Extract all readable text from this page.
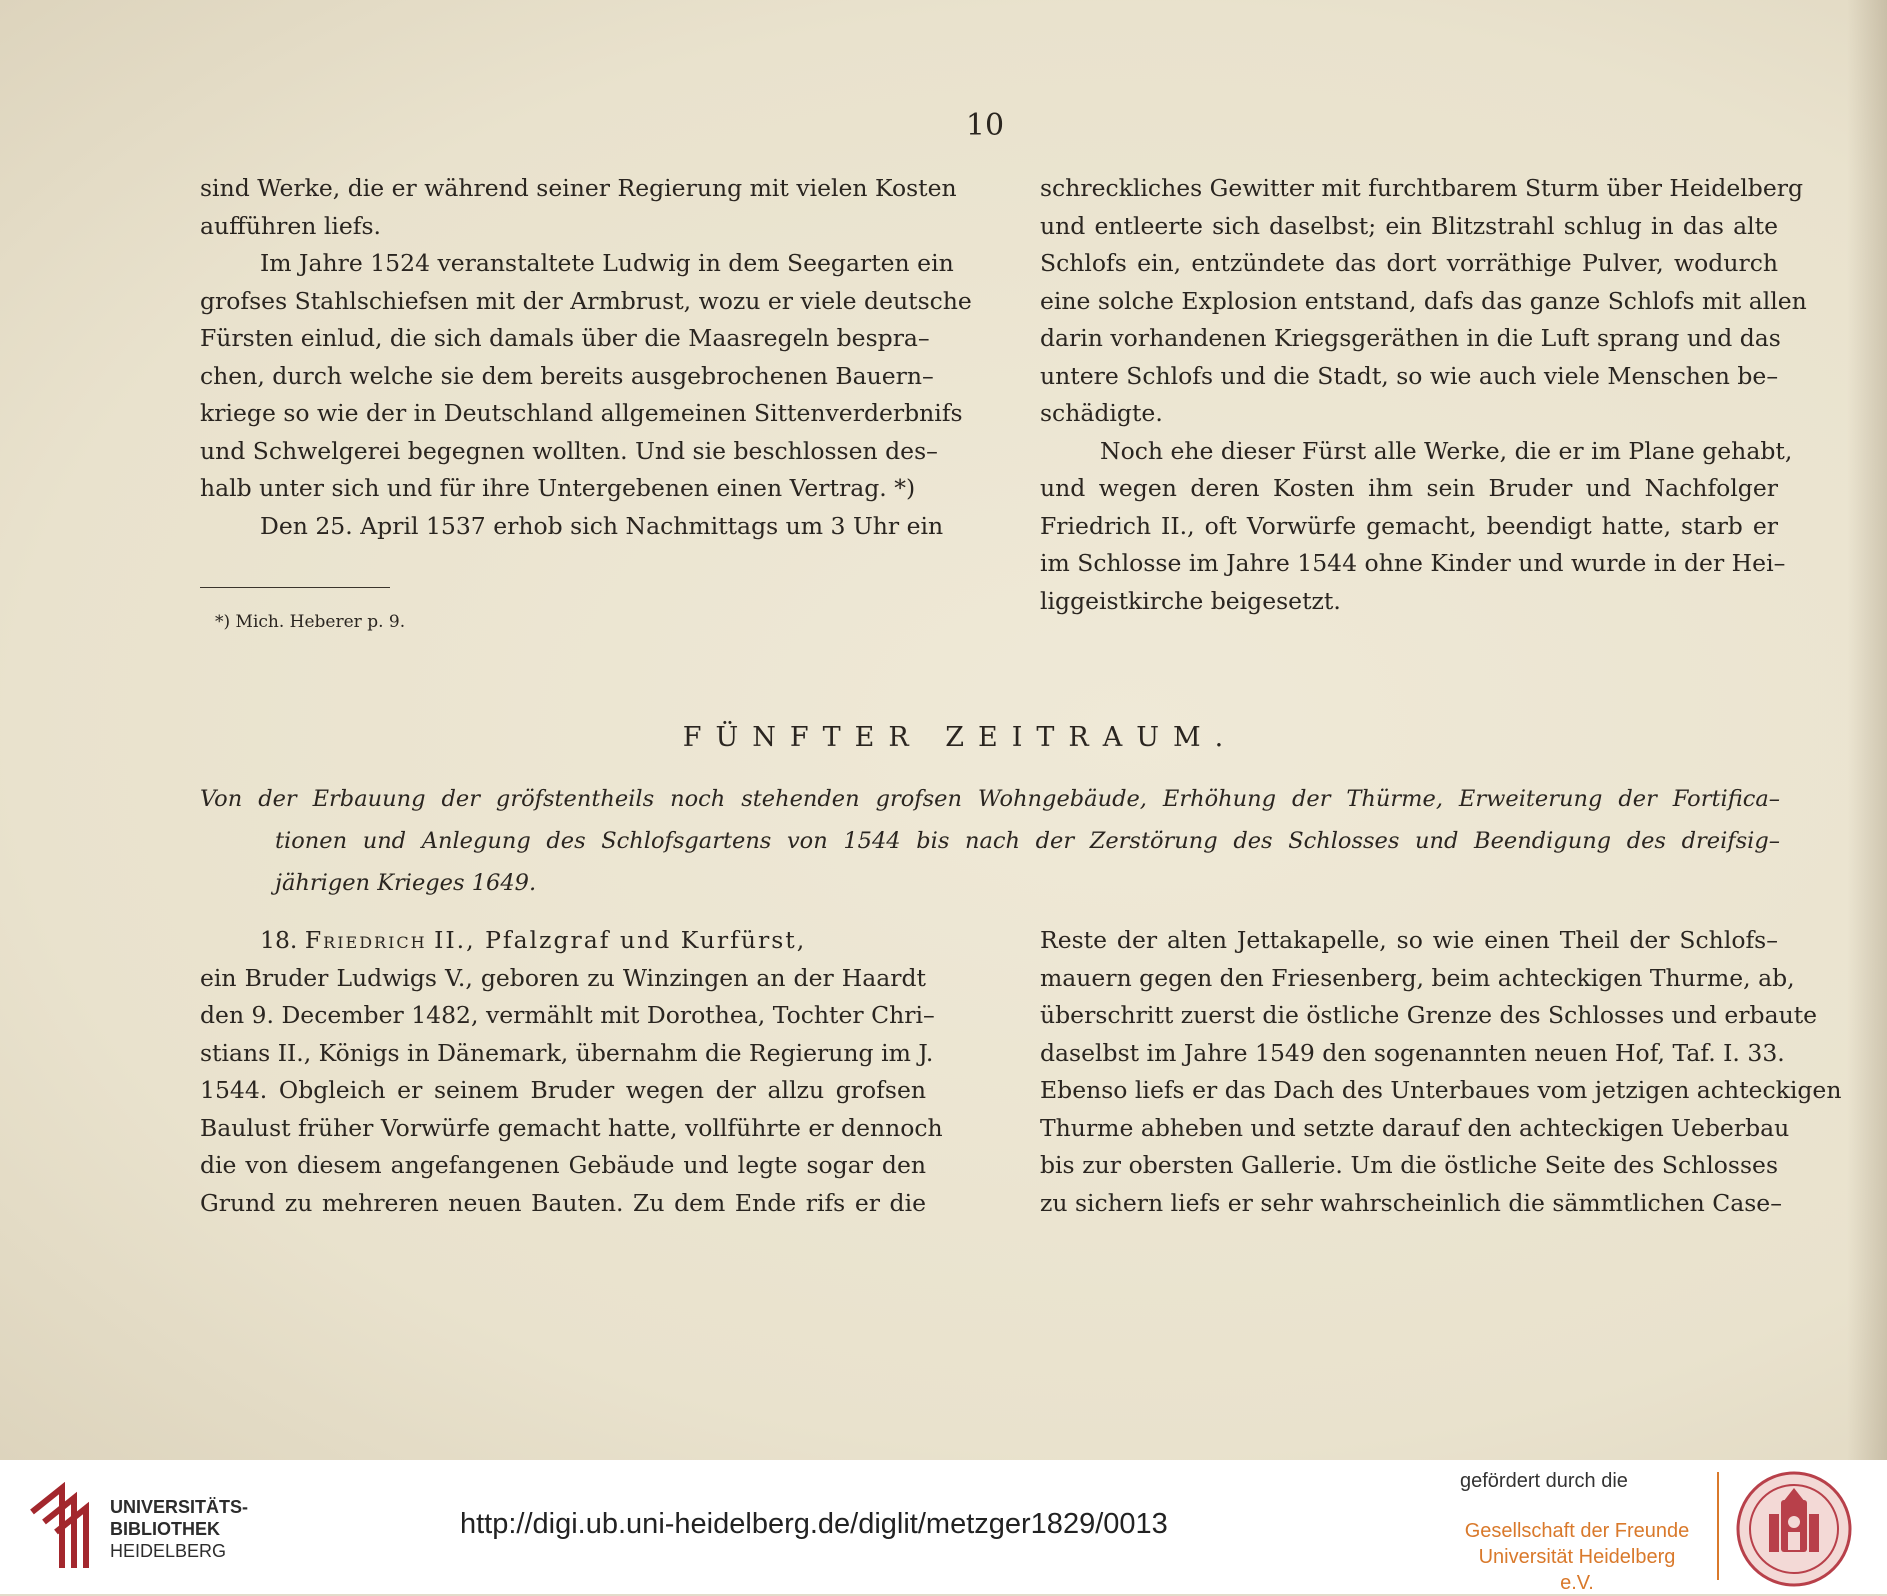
10
sind Werke, die er während seiner Regierung mit vielen Kosten
aufführen liefs.
Im Jahre 1524 veranstaltete Ludwig in dem Seegarten ein
grofses Stahlschiefsen mit der Armbrust, wozu er viele deutsche
Fürsten einlud, die sich damals über die Maasregeln bespra–
chen, durch welche sie dem bereits ausgebrochenen Bauern–
kriege so wie der in Deutschland allgemeinen Sittenverderbnifs
und Schwelgerei begegnen wollten. Und sie beschlossen des–
halb unter sich und für ihre Untergebenen einen Vertrag. *)
Den 25. April 1537 erhob sich Nachmittags um 3 Uhr ein
schreckliches Gewitter mit furchtbarem Sturm über Heidelberg
und entleerte sich daselbst; ein Blitzstrahl schlug in das alte
Schlofs ein, entzündete das dort vorräthige Pulver, wodurch
eine solche Explosion entstand, dafs das ganze Schlofs mit allen
darin vorhandenen Kriegsgeräthen in die Luft sprang und das
untere Schlofs und die Stadt, so wie auch viele Menschen be–
schädigte.
Noch ehe dieser Fürst alle Werke, die er im Plane gehabt,
und wegen deren Kosten ihm sein Bruder und Nachfolger
Friedrich II., oft Vorwürfe gemacht, beendigt hatte, starb er
im Schlosse im Jahre 1544 ohne Kinder und wurde in der Hei–
liggeistkirche beigesetzt.
*) Mich. Heberer p. 9.
FÜNFTER ZEITRAUM.
Von der Erbauung der gröfstentheils noch stehenden grofsen Wohngebäude, Erhöhung der Thürme, Erweiterung der Fortifica–
tionen und Anlegung des Schlofsgartens von 1544 bis nach der Zerstörung des Schlosses und Beendigung des dreifsig–
jährigen Krieges 1649.
18. Friedrich II., Pfalzgraf und Kurfürst,
ein Bruder Ludwigs V., geboren zu Winzingen an der Haardt
den 9. December 1482, vermählt mit Dorothea, Tochter Chri–
stians II., Königs in Dänemark, übernahm die Regierung im J.
1544. Obgleich er seinem Bruder wegen der allzu grofsen
Baulust früher Vorwürfe gemacht hatte, vollführte er dennoch
die von diesem angefangenen Gebäude und legte sogar den
Grund zu mehreren neuen Bauten. Zu dem Ende rifs er die
Reste der alten Jettakapelle, so wie einen Theil der Schlofs–
mauern gegen den Friesenberg, beim achteckigen Thurme, ab,
überschritt zuerst die östliche Grenze des Schlosses und erbaute
daselbst im Jahre 1549 den sogenannten neuen Hof, Taf. I. 33.
Ebenso liefs er das Dach des Unterbaues vom jetzigen achteckigen
Thurme abheben und setzte darauf den achteckigen Ueberbau
bis zur obersten Gallerie. Um die östliche Seite des Schlosses
zu sichern liefs er sehr wahrscheinlich die sämmtlichen Case–
UNIVERSITÄTS-
BIBLIOTHEK
HEIDELBERG
http://digi.ub.uni-heidelberg.de/diglit/metzger1829/0013
gefördert durch die
Gesellschaft der Freunde
Universität Heidelberg e.V.
